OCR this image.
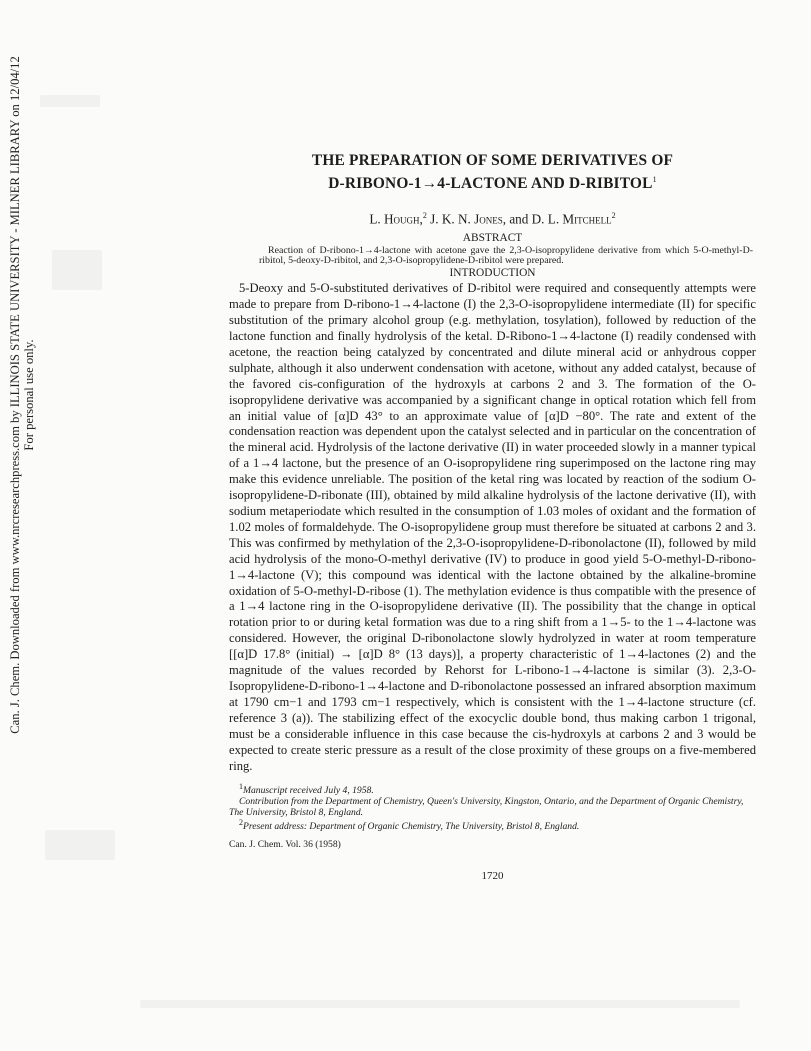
Can. J. Chem. Downloaded from www.nrcresearchpress.com by ILLINOIS STATE UNIVERSITY - MILNER LIBRARY on 12/04/12 For personal use only.
THE PREPARATION OF SOME DERIVATIVES OF
D-RIBONO-1→4-LACTONE AND D-RIBITOL$^1$
L. Hough,$^2$ J. K. N. Jones, and D. L. Mitchell$^2$
ABSTRACT
Reaction of D-ribono-1→4-lactone with acetone gave the 2,3-O-isopropylidene derivative from which 5-O-methyl-D-ribitol, 5-deoxy-D-ribitol, and 2,3-O-isopropylidene-D-ribitol were prepared.
INTRODUCTION
5-Deoxy and 5-O-substituted derivatives of D-ribitol were required and consequently attempts were made to prepare from D-ribono-1→4-lactone (I) the 2,3-O-isopropylidene intermediate (II) for specific substitution of the primary alcohol group (e.g. methylation, tosylation), followed by reduction of the lactone function and finally hydrolysis of the ketal. D-Ribono-1→4-lactone (I) readily condensed with acetone, the reaction being catalyzed by concentrated and dilute mineral acid or anhydrous copper sulphate, although it also underwent condensation with acetone, without any added catalyst, because of the favored cis-configuration of the hydroxyls at carbons 2 and 3. The formation of the O-isopropylidene derivative was accompanied by a significant change in optical rotation which fell from an initial value of [α]D 43° to an approximate value of [α]D −80°. The rate and extent of the condensation reaction was dependent upon the catalyst selected and in particular on the concentration of the mineral acid. Hydrolysis of the lactone derivative (II) in water proceeded slowly in a manner typical of a 1→4 lactone, but the presence of an O-isopropylidene ring superimposed on the lactone ring may make this evidence unreliable. The position of the ketal ring was located by reaction of the sodium O-isopropylidene-D-ribonate (III), obtained by mild alkaline hydrolysis of the lactone derivative (II), with sodium metaperiodate which resulted in the consumption of 1.03 moles of oxidant and the formation of 1.02 moles of formaldehyde. The O-isopropylidene group must therefore be situated at carbons 2 and 3. This was confirmed by methylation of the 2,3-O-isopropylidene-D-ribonolactone (II), followed by mild acid hydrolysis of the mono-O-methyl derivative (IV) to produce in good yield 5-O-methyl-D-ribono-1→4-lactone (V); this compound was identical with the lactone obtained by the alkaline-bromine oxidation of 5-O-methyl-D-ribose (1). The methylation evidence is thus compatible with the presence of a 1→4 lactone ring in the O-isopropylidene derivative (II). The possibility that the change in optical rotation prior to or during ketal formation was due to a ring shift from a 1→5- to the 1→4-lactone was considered. However, the original D-ribonolactone slowly hydrolyzed in water at room temperature [[α]D 17.8° (initial) → [α]D 8° (13 days)], a property characteristic of 1→4-lactones (2) and the magnitude of the values recorded by Rehorst for L-ribono-1→4-lactone is similar (3). 2,3-O-Isopropylidene-D-ribono-1→4-lactone and D-ribonolactone possessed an infrared absorption maximum at 1790 cm−1 and 1793 cm−1 respectively, which is consistent with the 1→4-lactone structure (cf. reference 3 (a)). The stabilizing effect of the exocyclic double bond, thus making carbon 1 trigonal, must be a considerable influence in this case because the cis-hydroxyls at carbons 2 and 3 would be expected to create steric pressure as a result of the close proximity of these groups on a five-membered ring.
$^1$Manuscript received July 4, 1958.
Contribution from the Department of Chemistry, Queen's University, Kingston, Ontario, and the Department of Organic Chemistry, The University, Bristol 8, England.
$^2$Present address: Department of Organic Chemistry, The University, Bristol 8, England.
Can. J. Chem. Vol. 36 (1958)
1720
